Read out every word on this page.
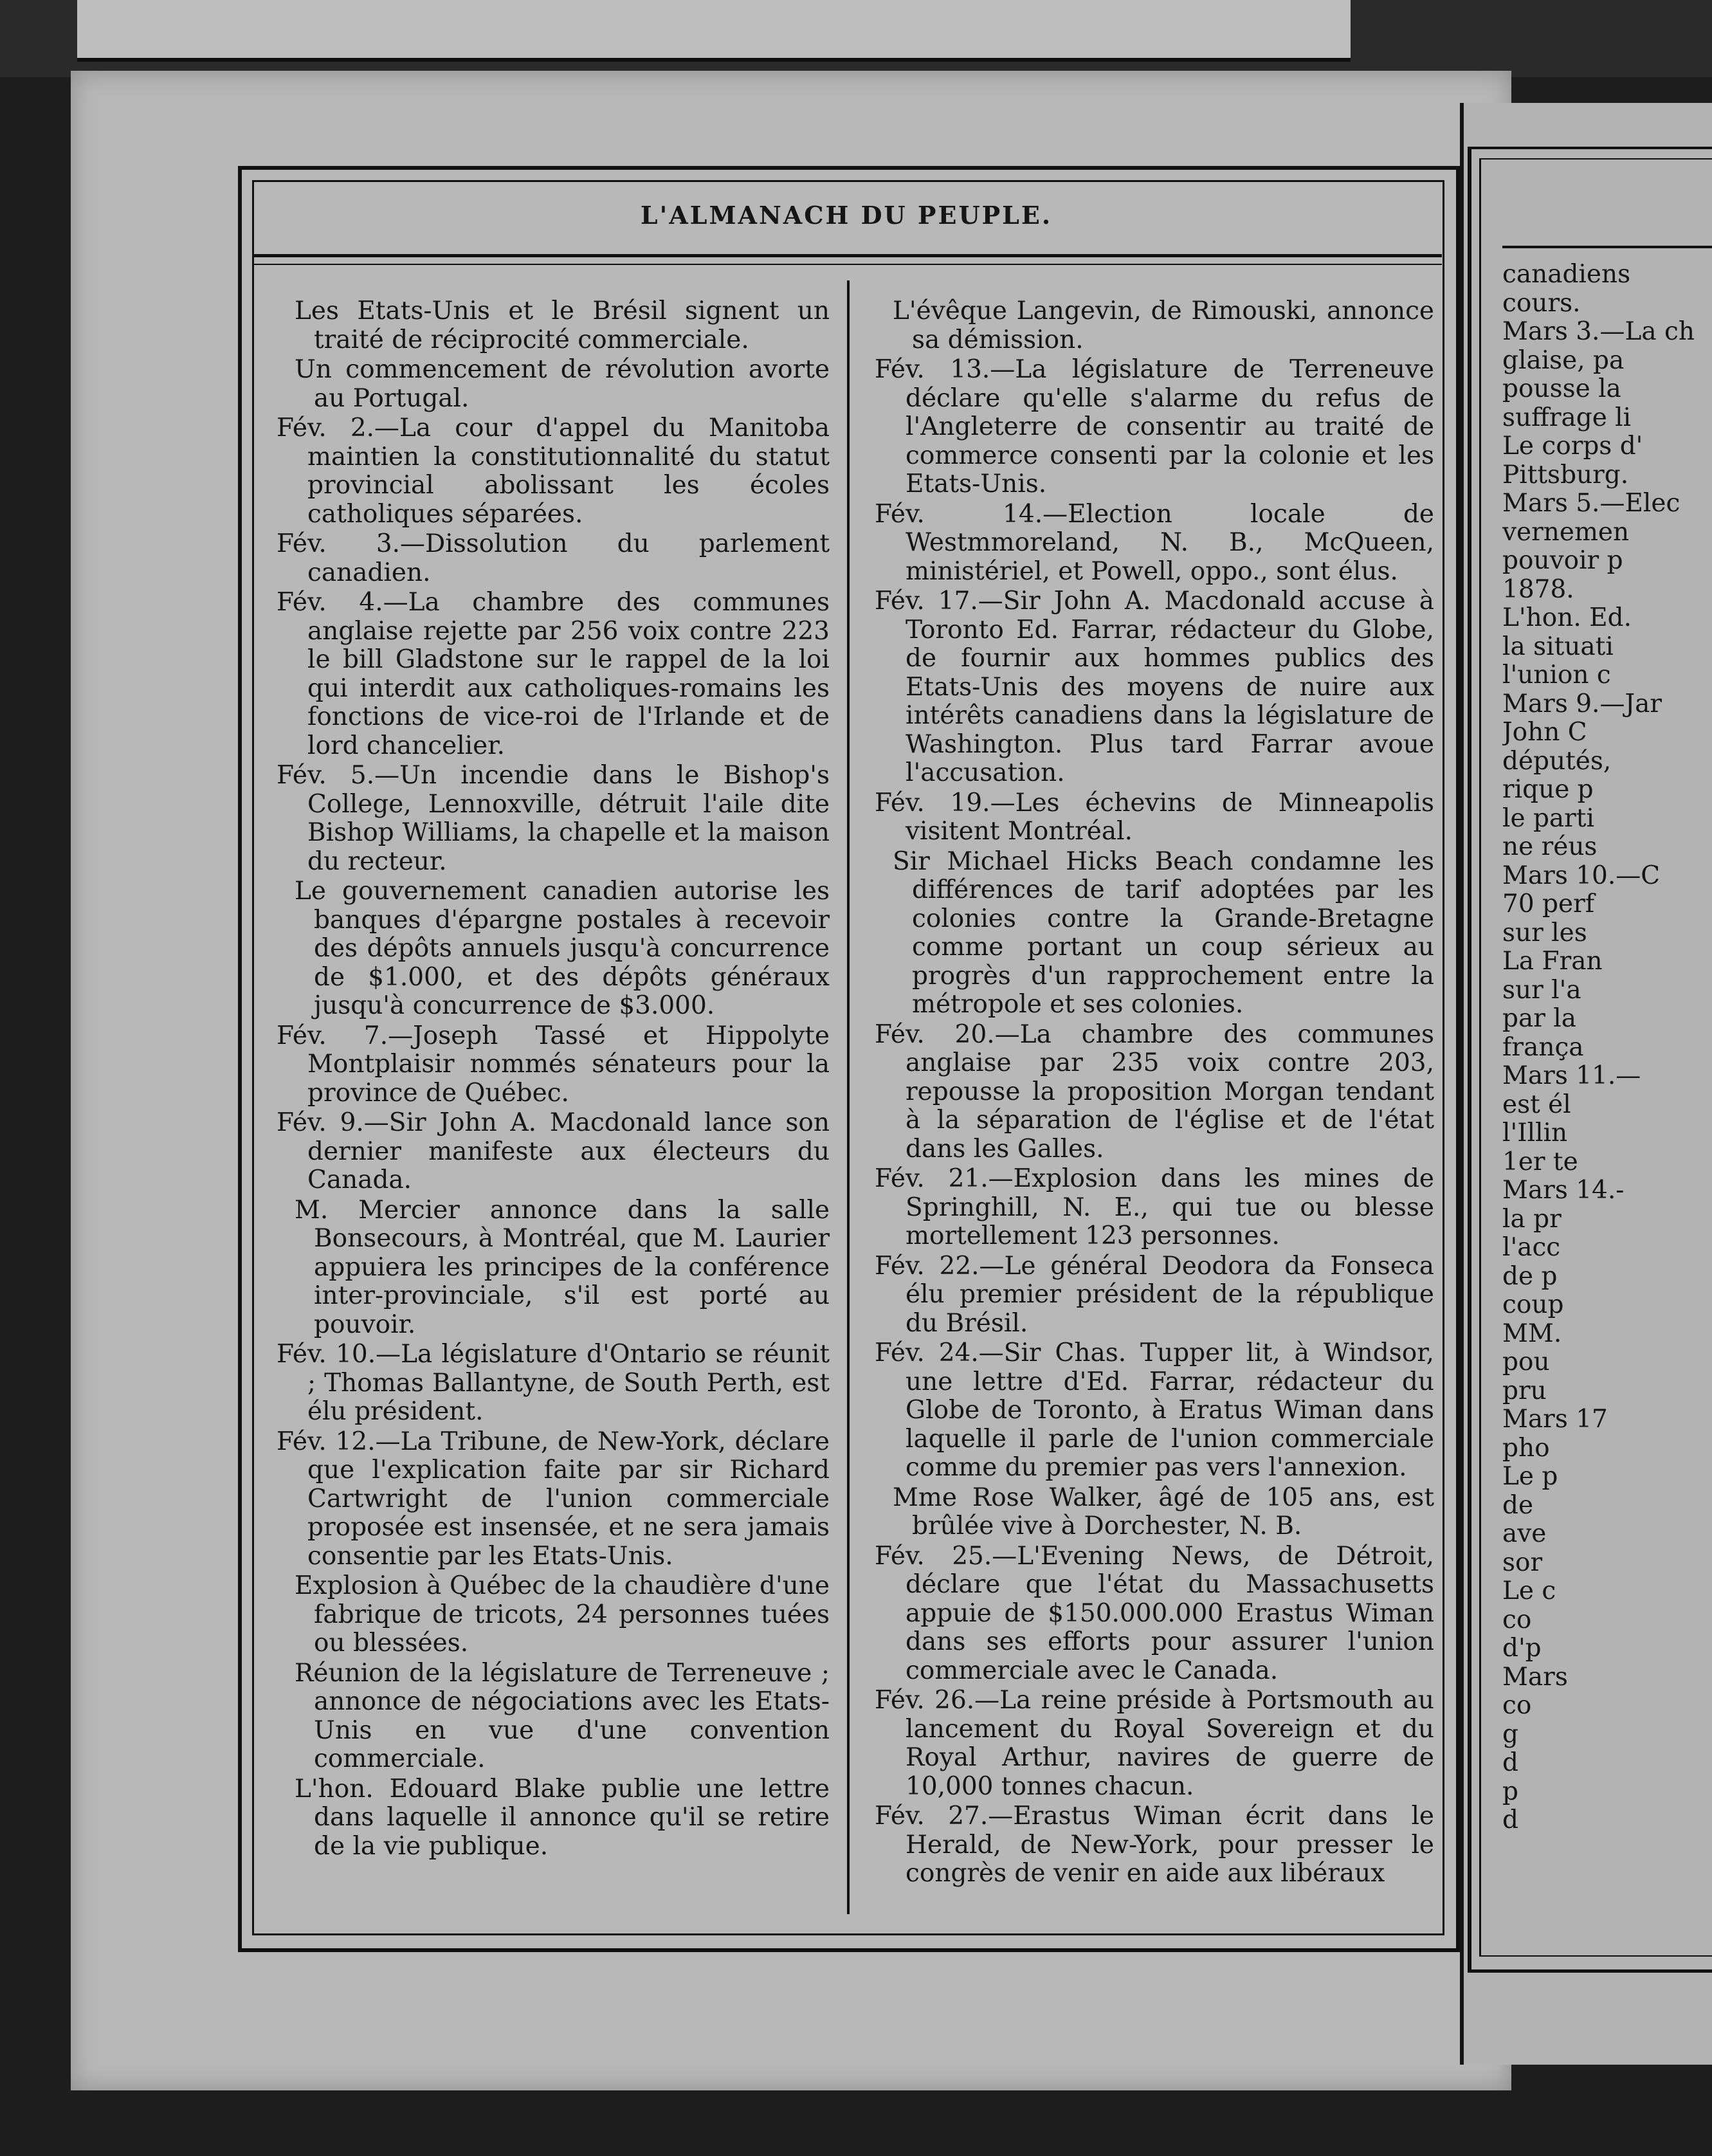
L'ALMANACH DU PEUPLE.

Les Etats-Unis et le Brésil signent un traité de réciprocité commerciale.

Un commencement de révolution avorte au Portugal.

Fév. 2.—La cour d'appel du Manitoba maintien la constitutionnalité du statut provincial abolissant les écoles catholiques séparées.

Fév. 3.—Dissolution du parlement canadien.

Fév. 4.—La chambre des communes anglaise rejette par 256 voix contre 223 le bill Gladstone sur le rappel de la loi qui interdit aux catholiques-romains les fonctions de vice-roi de l'Irlande et de lord chancelier.

Fév. 5.—Un incendie dans le Bishop's College, Lennoxville, détruit l'aile dite Bishop Williams, la chapelle et la maison du recteur.

Le gouvernement canadien autorise les banques d'épargne postales à recevoir des dépôts annuels jusqu'à concurrence de $1.000, et des dépôts généraux jusqu'à concurrence de $3.000.

Fév. 7.—Joseph Tassé et Hippolyte Montplaisir nommés sénateurs pour la province de Québec.

Fév. 9.—Sir John A. Macdonald lance son dernier manifeste aux électeurs du Canada.

M. Mercier annonce dans la salle Bonsecours, à Montréal, que M. Laurier appuiera les principes de la conférence inter-provinciale, s'il est porté au pouvoir.

Fév. 10.—La législature d'Ontario se réunit ; Thomas Ballantyne, de South Perth, est élu président.

Fév. 12.—La Tribune, de New-York, déclare que l'explication faite par sir Richard Cartwright de l'union commerciale proposée est insensée, et ne sera jamais consentie par les Etats-Unis.

Explosion à Québec de la chaudière d'une fabrique de tricots, 24 personnes tuées ou blessées.

Réunion de la législature de Terreneuve ; annonce de négociations avec les Etats-Unis en vue d'une convention commerciale.

L'hon. Edouard Blake publie une lettre dans laquelle il annonce qu'il se retire de la vie publique.

L'évêque Langevin, de Rimouski, annonce sa démission.

Fév. 13.—La législature de Terreneuve déclare qu'elle s'alarme du refus de l'Angleterre de consentir au traité de commerce consenti par la colonie et les Etats-Unis.

Fév. 14.—Election locale de Westmmoreland, N. B., McQueen, ministériel, et Powell, oppo., sont élus.

Fév. 17.—Sir John A. Macdonald accuse à Toronto Ed. Farrar, rédacteur du Globe, de fournir aux hommes publics des Etats-Unis des moyens de nuire aux intérêts canadiens dans la législature de Washington. Plus tard Farrar avoue l'accusation.

Fév. 19.—Les échevins de Minneapolis visitent Montréal.

Sir Michael Hicks Beach condamne les différences de tarif adoptées par les colonies contre la Grande-Bretagne comme portant un coup sérieux au progrès d'un rapprochement entre la métropole et ses colonies.

Fév. 20.—La chambre des communes anglaise par 235 voix contre 203, repousse la proposition Morgan tendant à la séparation de l'église et de l'état dans les Galles.

Fév. 21.—Explosion dans les mines de Springhill, N. E., qui tue ou blesse mortellement 123 personnes.

Fév. 22.—Le général Deodora da Fonseca élu premier président de la république du Brésil.

Fév. 24.—Sir Chas. Tupper lit, à Windsor, une lettre d'Ed. Farrar, rédacteur du Globe de Toronto, à Eratus Wiman dans laquelle il parle de l'union commerciale comme du premier pas vers l'annexion.

Mme Rose Walker, âgé de 105 ans, est brûlée vive à Dorchester, N. B.

Fév. 25.—L'Evening News, de Détroit, déclare que l'état du Massachusetts appuie de $150.000.000 Erastus Wiman dans ses efforts pour assurer l'union commerciale avec le Canada.

Fév. 26.—La reine préside à Portsmouth au lancement du Royal Sovereign et du Royal Arthur, navires de guerre de 10,000 tonnes chacun.

Fév. 27.—Erastus Wiman écrit dans le Herald, de New-York, pour presser le congrès de venir en aide aux libéraux

canadiens
cours.
Mars 3.—La ch
glaise, pa
pousse la
suffrage li
Le corps d'
Pittsburg.
Mars 5.—Elec
vernemen
pouvoir p
1878.
L'hon. Ed.
la situati
l'union c
Mars 9.—Jar
John C
députés,
rique p
le parti
ne réus
Mars 10.—C
70 perf
sur les
La Fran
sur l'a
par la
frança
Mars 11.—
est él
l'Illin
1er te
Mars 14.-
la pr
l'acc
de p
coup
MM.
pou
pru
Mars 17
pho
Le p
de
ave
sor
Le c
co
d'p
Mars
co
g
d
p
d
